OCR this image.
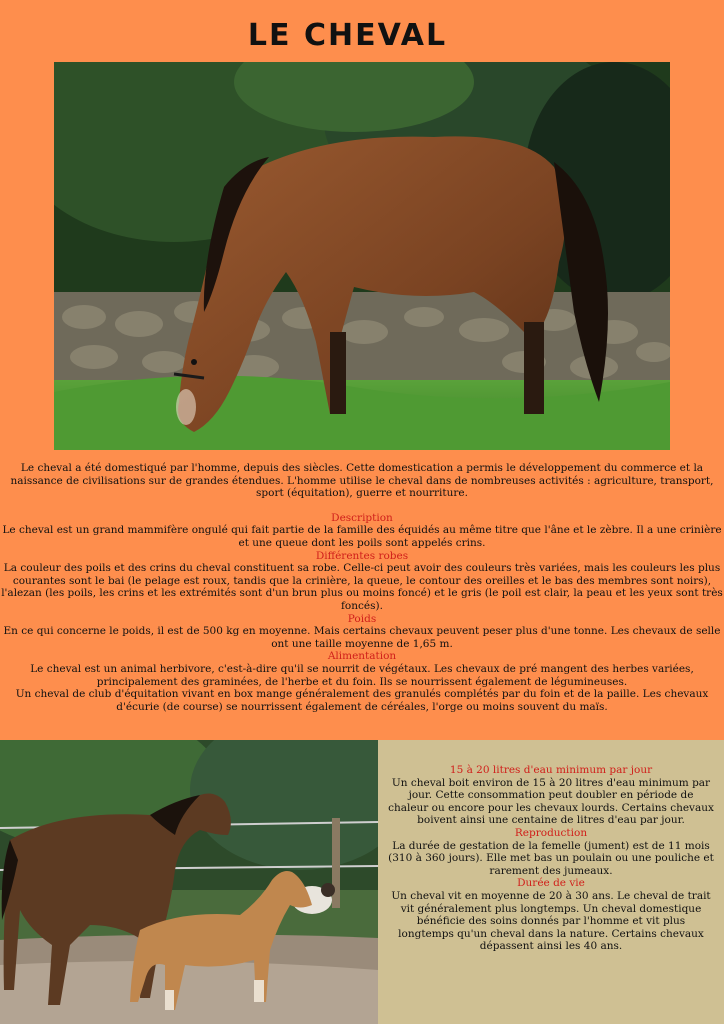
LE CHEVAL

Le cheval a été domestiqué par l'homme, depuis des siècles. Cette domestication a permis le développement du commerce et la naissance de civilisations sur de grandes étendues. L'homme utilise le cheval dans de nombreuses activités : agriculture, transport, sport (équitation), guerre et nourriture.

Description

Le cheval est un grand mammifère ongulé qui fait partie de la famille des équidés au même titre que l'âne et le zèbre. Il a une crinière et une queue dont les poils sont appelés crins.

Différentes robes

La couleur des poils et des crins du cheval constituent sa robe. Celle-ci peut avoir des couleurs très variées, mais les couleurs les plus courantes sont le bai (le pelage est roux, tandis que la crinière, la queue, le contour des oreilles et le bas des membres sont noirs), l'alezan (les poils, les crins et les extrémités sont d'un brun plus ou moins foncé) et le gris (le poil est clair, la peau et les yeux sont très foncés).

Poids

En ce qui concerne le poids, il est de 500 kg en moyenne. Mais certains chevaux peuvent peser plus d'une tonne. Les chevaux de selle ont une taille moyenne de 1,65 m.

Alimentation

Le cheval est un animal herbivore, c'est-à-dire qu'il se nourrit de végétaux. Les chevaux de pré mangent des herbes variées, principalement des graminées, de l'herbe et du foin. Ils se nourrissent également de légumineuses.

Un cheval de club d'équitation vivant en box mange généralement des granulés complétés par du foin et de la paille. Les chevaux d'écurie (de course) se nourrissent également de céréales, l'orge ou moins souvent du maïs.

15 à 20 litres d'eau minimum par jour

Un cheval boit environ de 15 à 20 litres d'eau minimum par jour. Cette consommation peut doubler en période de chaleur ou encore pour les chevaux lourds. Certains chevaux boivent ainsi une centaine de litres d'eau par jour.

Reproduction

La durée de gestation de la femelle (jument) est de 11 mois (310 à 360 jours). Elle met bas un poulain ou une pouliche et rarement des jumeaux.

Durée de vie

Un cheval vit en moyenne de 20 à 30 ans. Le cheval de trait vit généralement plus longtemps. Un cheval domestique bénéficie des soins donnés par l'homme et vit plus longtemps qu'un cheval dans la nature. Certains chevaux dépassent ainsi les 40 ans.
